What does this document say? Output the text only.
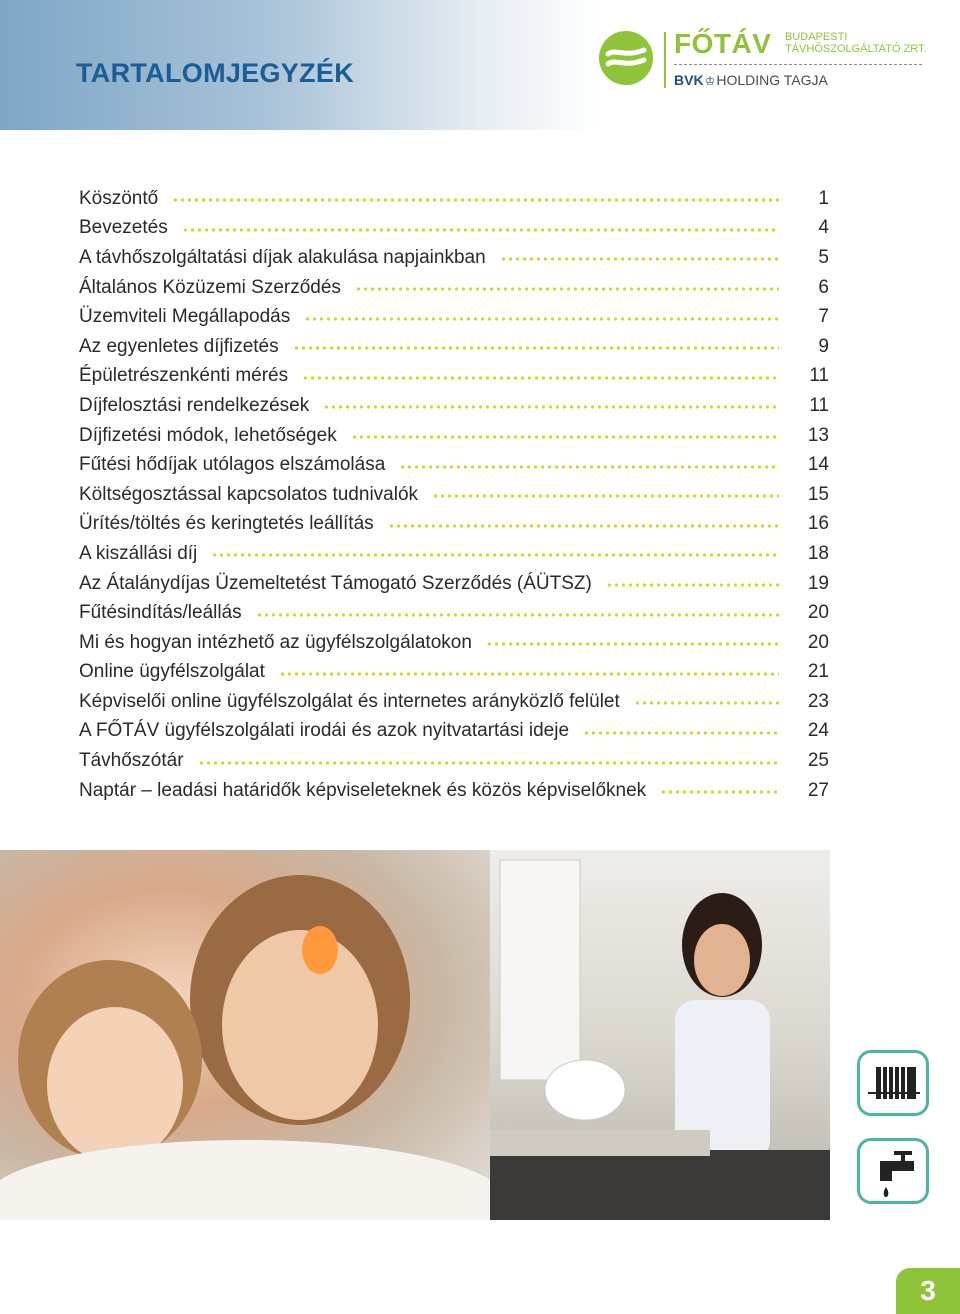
TARTALOMJEGYZÉK
FŐTÁV BUDAPESTI
TÁVHŐSZOLGÁLTATÓ ZRT.
BVK♔HOLDING TAGJA
Köszöntő	1
Bevezetés	4
A távhőszolgáltatási díjak alakulása napjainkban	5
Általános Közüzemi Szerződés	6
Üzemviteli Megállapodás	7
Az egyenletes díjfizetés	9
Épületrészenkénti mérés	11
Díjfelosztási rendelkezések	11
Díjfizetési módok, lehetőségek	13
Fűtési hődíjak utólagos elszámolása	14
Költségosztással kapcsolatos tudnivalók	15
Ürítés/töltés és keringtetés leállítás	16
A kiszállási díj	18
Az Átalánydíjas Üzemeltetést Támogató Szerződés (ÁÜTSZ)	19
Fűtésindítás/leállás	20
Mi és hogyan intézhető az ügyfélszolgálatokon	20
Online ügyfélszolgálat	21
Képviselői online ügyfélszolgálat és internetes arányközlő felület	23
A FŐTÁV ügyfélszolgálati irodái és azok nyitvatartási ideje	24
Távhőszótár	25
Naptár – leadási határidők képviseleteknek és közös képviselőknek	27
3
